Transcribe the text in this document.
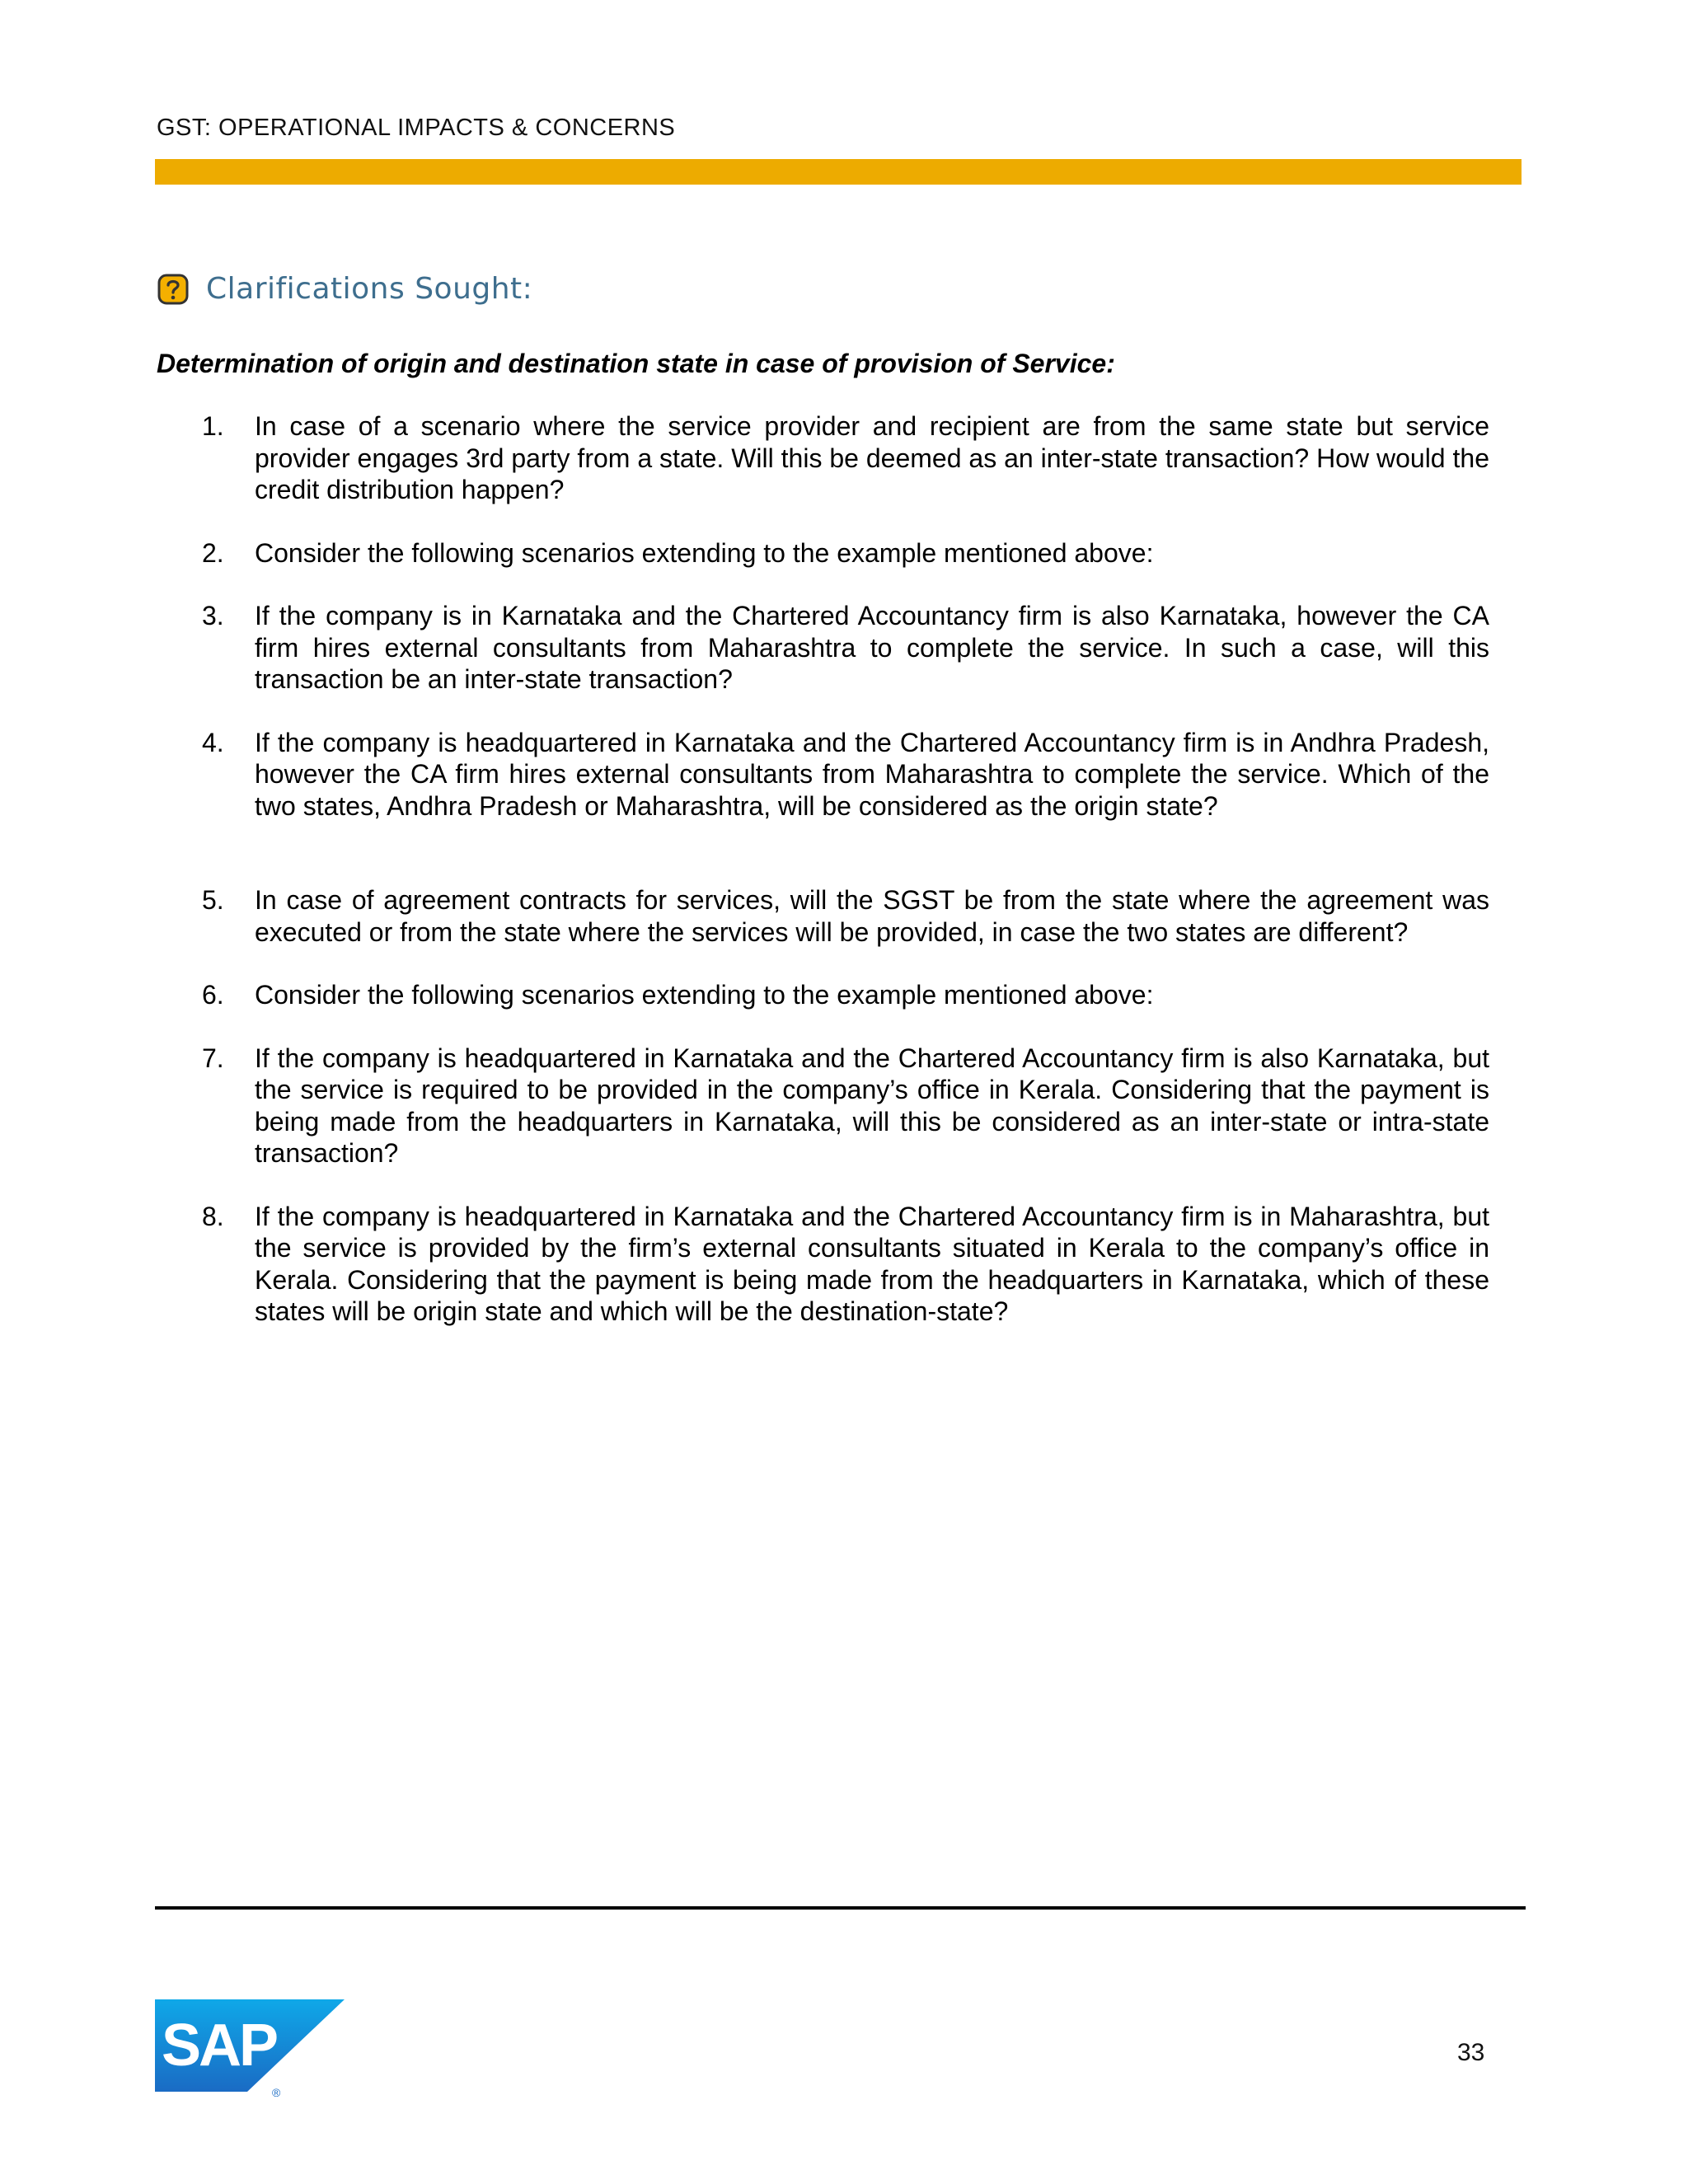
GST: OPERATIONAL IMPACTS & CONCERNS
Clarifications Sought:
Determination of origin and destination state in case of provision of Service:
1.	In case of a scenario where the service provider and recipient are from the same state but service provider engages 3rd party from a state. Will this be deemed as an inter-state transaction? How would the credit distribution happen?
2.	Consider the following scenarios extending to the example mentioned above:
3.	If the company is in Karnataka and the Chartered Accountancy firm is also Karnataka, however the CA firm hires external consultants from Maharashtra to complete the service. In such a case, will this transaction be an inter-state transaction?
4.	If the company is headquartered in Karnataka and the Chartered Accountancy firm is in Andhra Pradesh, however the CA firm hires external consultants from Maharashtra to complete the service. Which of the two states, Andhra Pradesh or Maharashtra, will be considered as the origin state?
5.	In case of agreement contracts for services, will the SGST be from the state where the agreement was executed or from the state where the services will be provided, in case the two states are different?
6.	Consider the following scenarios extending to the example mentioned above:
7.	If the company is headquartered in Karnataka and the Chartered Accountancy firm is also Karnataka, but the service is required to be provided in the company’s office in Kerala. Considering that the payment is being made from the headquarters in Karnataka, will this be considered as an inter-state or intra-state transaction?
8.	If the company is headquartered in Karnataka and the Chartered Accountancy firm is in Maharashtra, but the service is provided by the firm’s external consultants situated in Kerala to the company’s office in Kerala. Considering that the payment is being made from the headquarters in Karnataka, which of these states will be origin state and which will be the destination-state?
SAP
®
33
